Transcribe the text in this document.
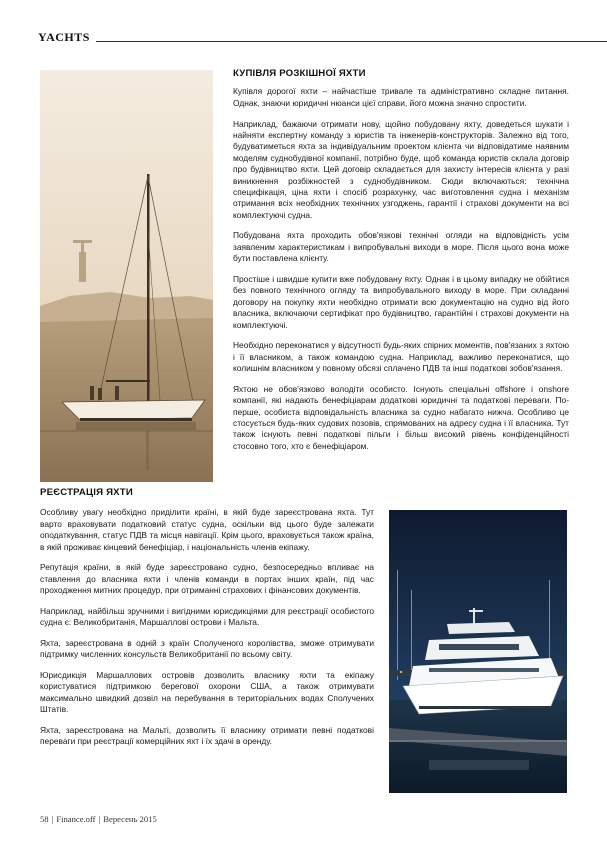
YACHTS
КУПІВЛЯ РОЗКІШНОЇ ЯХТИ

Купівля дорогої яхти – найчастіше тривале та адміністративно складне питання. Однак, знаючи юридичні нюанси цієї справи, його можна значно спростити.

Наприклад, бажаючи отримати нову, щойно побудовану яхту, доведеться шукати і найняти експертну команду з юристів та інженерів-конструкторів. Залежно від того, будуватиметься яхта за індивідуальним проектом клієнта чи відповідатиме наявним моделям суднобудівної компанії, потрібно буде, щоб команда юристів склала договір про будівництво яхти. Цей договір складається для захисту інтересів клієнта у разі виникнення розбіжностей з суднобудівником. Сюди включаються: технічна специфікація, ціна яхти і спосіб розрахунку, час виготовлення судна і механізм отримання всіх необхідних технічних узгоджень, гарантії і страхові документи на всі комплектуючі судна.

Побудована яхта проходить обов'язкові технічні огляди на відповідність усім заявленим характеристикам і випробувальні виходи в море. Після цього вона може бути поставлена клієнту.

Простіше і швидше купити вже побудовану яхту. Однак і в цьому випадку не обійтися без повного технічного огляду та випробувального виходу в море. При складанні договору на покупку яхти необхідно отримати всю документацію на судно від його власника, включаючи сертифікат про будівництво, гарантійні і страхові документи на комплектуючі.

Необхідно переконатися у відсутності будь-яких спірних моментів, пов'язаних з яхтою і її власником, а також командою судна. Наприклад, важливо переконатися, що колишнім власником у повному обсязі сплачено ПДВ та інші податкові зобов'язання.

Яхтою не обов'язково володіти особисто. Існують спеціальні offshore і onshore компанії, які надають бенефіціарам додаткові юридичні та податкові переваги. По-перше, особиста відповідальність власника за судно набагато нижча. Особливо це стосується будь-яких судових позовів, спрямованих на адресу судна і її власника. Тут також існують певні податкові пільги і більш високий рівень конфіденційності стосовно того, хто є бенефіціаром.

РЕЄСТРАЦІЯ ЯХТИ

Особливу увагу необхідно приділити країні, в якій буде зареєстрована яхта. Тут варто враховувати податковий статус судна, оскільки від цього буде залежати оподаткування, статус ПДВ та місця навігації. Крім цього, враховується також країна, в якій проживає кінцевий бенефіціар, і національність членів екіпажу.

Репутація країни, в якій буде зареєстровано судно, безпосередньо впливає на ставлення до власника яхти і членів команди в портах інших країн, під час проходження митних процедур, при отриманні страхових і фінансових документів.

Наприклад, найбільш зручними і вигідними юрисдикціями для реєстрації особистого судна є: Великобританія, Маршаллові острови і Мальта.

Яхта, зареєстрована в одній з країн Сполученого королівства, зможе отримувати підтримку численних консульств Великобританії по всьому світу.

Юрисдикція Маршаллових островів дозволить власнику яхти та екіпажу користуватися підтримкою берегової охорони США, а також отримувати максимально швидкий дозвіл на перебування в територіальних водах Сполучених Штатів.

Яхта, зареєстрована на Мальті, дозволить її власнику отримати певні податкові переваги при реєстрації комерційних яхт і їх здачі в оренду.

58 | Finance.off | Вересень 2015
